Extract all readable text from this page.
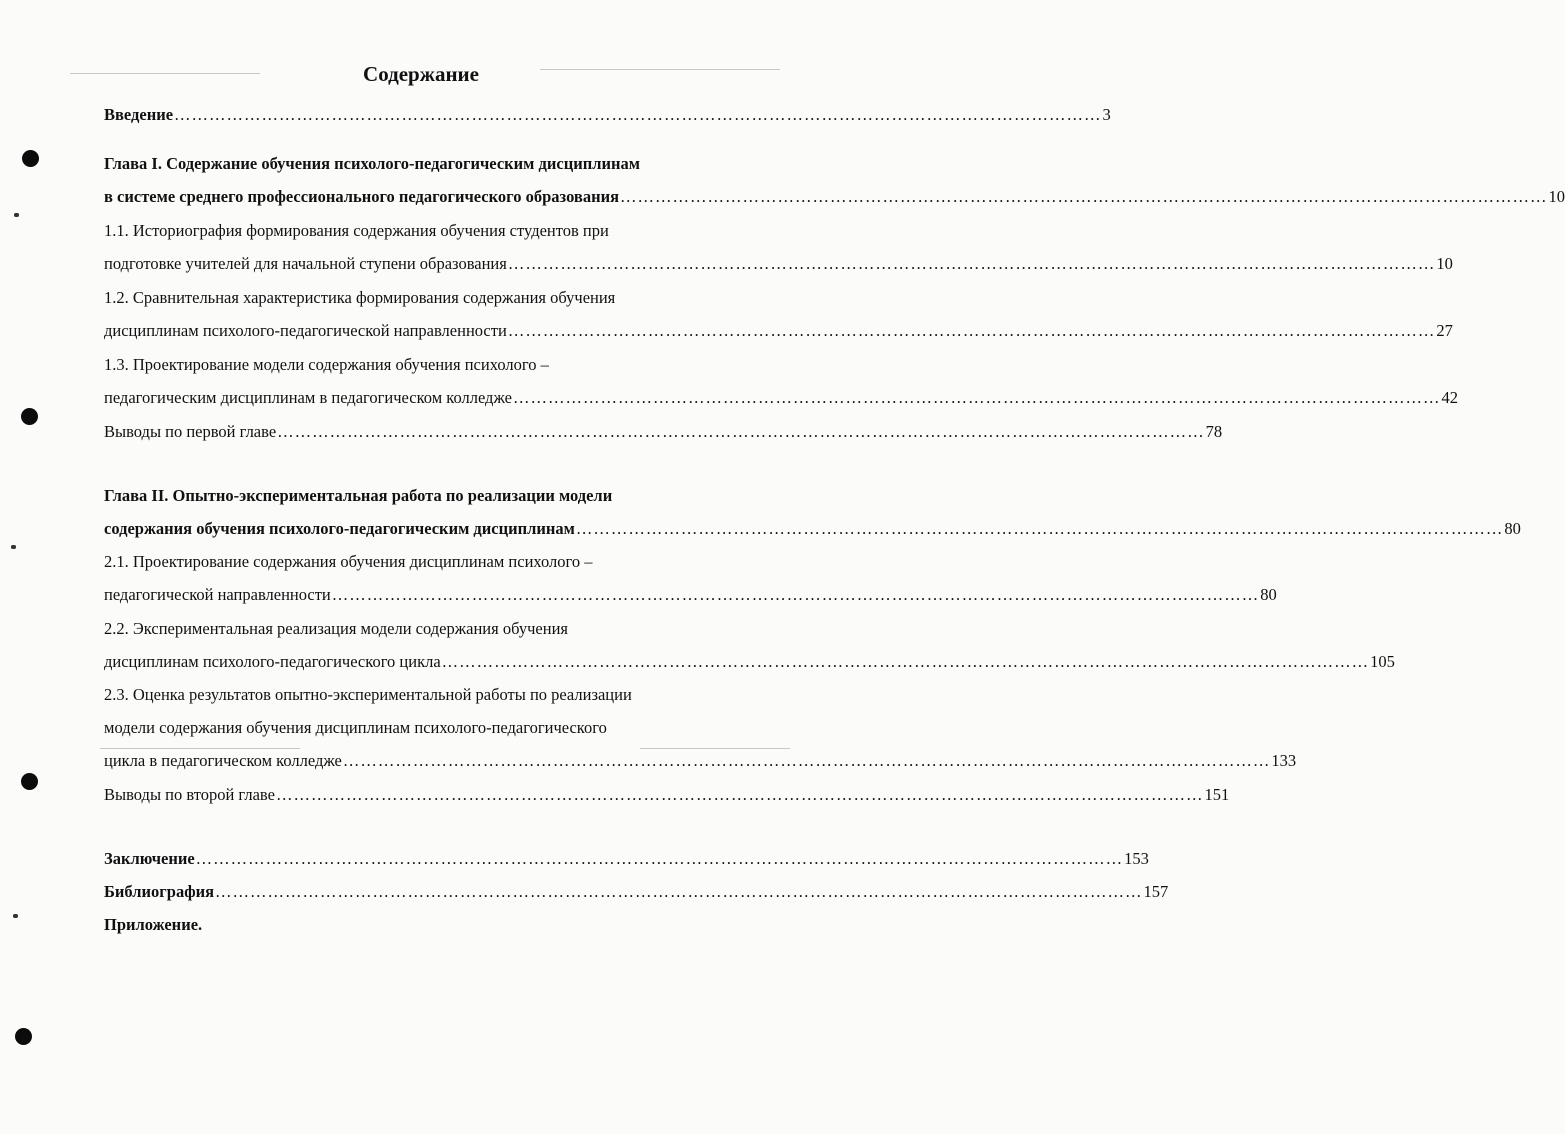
Содержание
Введение …………………………………………………………………………………………………………………………………………… 3
Глава I. Содержание обучения психолого-педагогическим дисциплинам
в системе среднего профессионального педагогического образования …………………………………………………………………………………………………………………………………………… 10
1.1. Историография формирования содержания обучения студентов при
подготовке учителей для начальной ступени образования …………………………………………………………………………………………………………………………………………… 10
1.2. Сравнительная характеристика формирования содержания обучения
дисциплинам психолого-педагогической направленности …………………………………………………………………………………………………………………………………………… 27
1.3. Проектирование модели содержания обучения психолого –
педагогическим дисциплинам в педагогическом колледже …………………………………………………………………………………………………………………………………………… 42
Выводы по первой главе …………………………………………………………………………………………………………………………………………… 78
Глава II. Опытно-экспериментальная работа по реализации модели
содержания обучения психолого-педагогическим дисциплинам …………………………………………………………………………………………………………………………………………… 80
2.1. Проектирование содержания обучения дисциплинам психолого –
педагогической направленности …………………………………………………………………………………………………………………………………………… 80
2.2. Экспериментальная реализация модели содержания обучения
дисциплинам психолого-педагогического цикла …………………………………………………………………………………………………………………………………………… 105
2.3. Оценка результатов опытно-экспериментальной работы по реализации
модели содержания обучения дисциплинам психолого-педагогического
цикла в педагогическом колледже …………………………………………………………………………………………………………………………………………… 133
Выводы по второй главе …………………………………………………………………………………………………………………………………………… 151
Заключение …………………………………………………………………………………………………………………………………………… 153
Библиография …………………………………………………………………………………………………………………………………………… 157
Приложение.
